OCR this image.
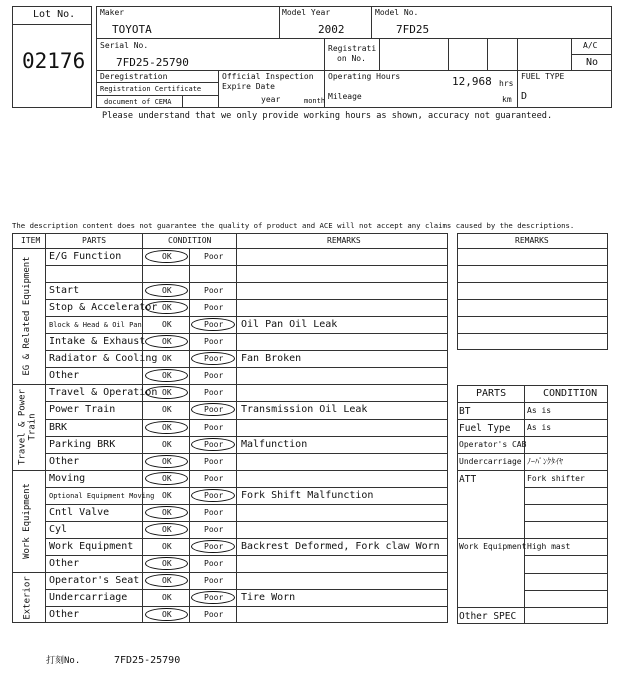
Lot No.
02176
Maker
TOYOTA
Model Year
2002
Model No.
7FD25
Serial No.
7FD25-25790
Registrati
on No.
A/C
No
Deregistration
Registration Certificate
document of CEMA
Official Inspection
Expire Date
year	month
Operating Hours	12,968 hrs
Mileage	km
FUEL TYPE
D
Please understand that we only provide working hours as shown, accuracy not guaranteed.
The description content does not guarantee the quality of product and ACE will not accept any claims caused by the descriptions.
ITEM	PARTS	CONDITION	REMARKS
EG & Related Equipment
E/G Function	OK	Poor
Start	OK	Poor
Stop & Accelerator OK	Poor
Block & Head & Oil Pan	OK	Poor Oil Pan Oil Leak
Intake & Exhaust OK	Poor
Radiator & Cooling OK	Poor Fan Broken
Other	OK	Poor
Travel & Power Train
Travel & Operation OK	Poor
Power Train	OK	Poor Transmission Oil Leak
BRK	OK	Poor
Parking BRK	OK	Poor Malfunction
Other	OK	Poor
Work Equipment
Moving	OK	Poor
Optional Equipment Moving OK	Poor Fork Shift Malfunction
Cntl Valve	OK	Poor
Cyl	OK	Poor
Work Equipment	OK	Poor Backrest Deformed, Fork claw Worn
Other	OK	Poor
Exterior	Operator's Seat	OK	Poor
Undercarriage	OK	Poor Tire Worn
Other	OK	Poor
REMARKS
PARTS	CONDITION
BT	As is
Fuel Type As is
Operator's CAB
Undercarriage ﾉｰﾊﾟﾝｸﾀｲﾔ
ATT	Fork shifter
Work Equipment High mast
Other SPEC
打刻No.	7FD25-25790
